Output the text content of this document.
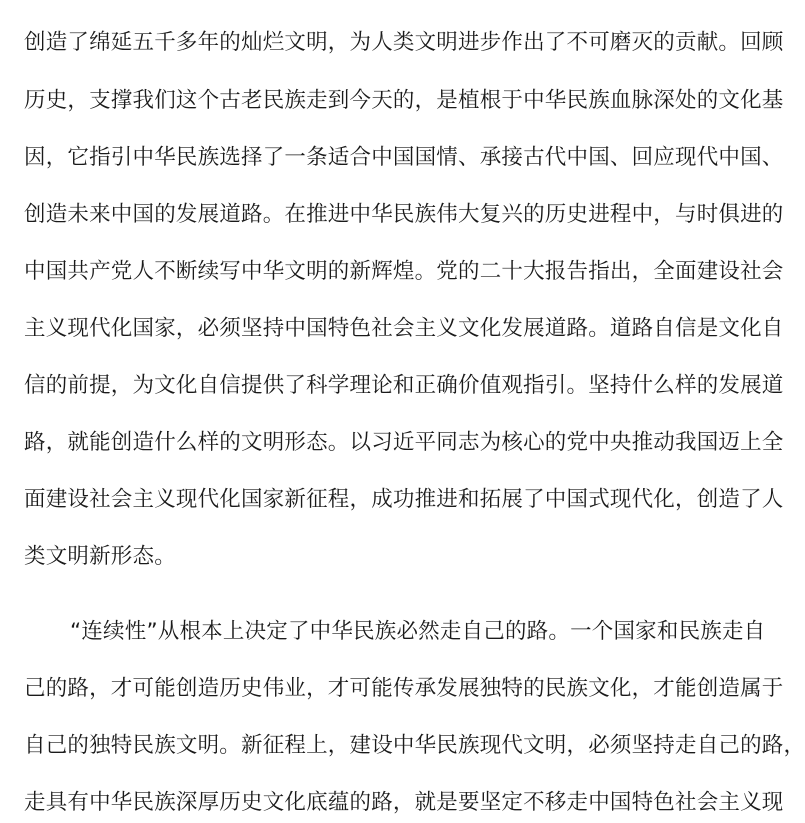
创造了绵延五千多年的灿烂文明，为人类文明进步作出了不可磨灭的贡献。回顾
历史，支撑我们这个古老民族走到今天的，是植根于中华民族血脉深处的文化基
因，它指引中华民族选择了一条适合中国国情、承接古代中国、回应现代中国、
创造未来中国的发展道路。在推进中华民族伟大复兴的历史进程中，与时俱进的
中国共产党人不断续写中华文明的新辉煌。党的二十大报告指出，全面建设社会
主义现代化国家，必须坚持中国特色社会主义文化发展道路。道路自信是文化自
信的前提，为文化自信提供了科学理论和正确价值观指引。坚持什么样的发展道
路，就能创造什么样的文明形态。以习近平同志为核心的党中央推动我国迈上全
面建设社会主义现代化国家新征程，成功推进和拓展了中国式现代化，创造了人
类文明新形态。
“连续性”从根本上决定了中华民族必然走自己的路。一个国家和民族走自
己的路，才可能创造历史伟业，才可能传承发展独特的民族文化，才能创造属于
自己的独特民族文明。新征程上，建设中华民族现代文明，必须坚持走自己的路，
走具有中华民族深厚历史文化底蕴的路，就是要坚定不移走中国特色社会主义现
